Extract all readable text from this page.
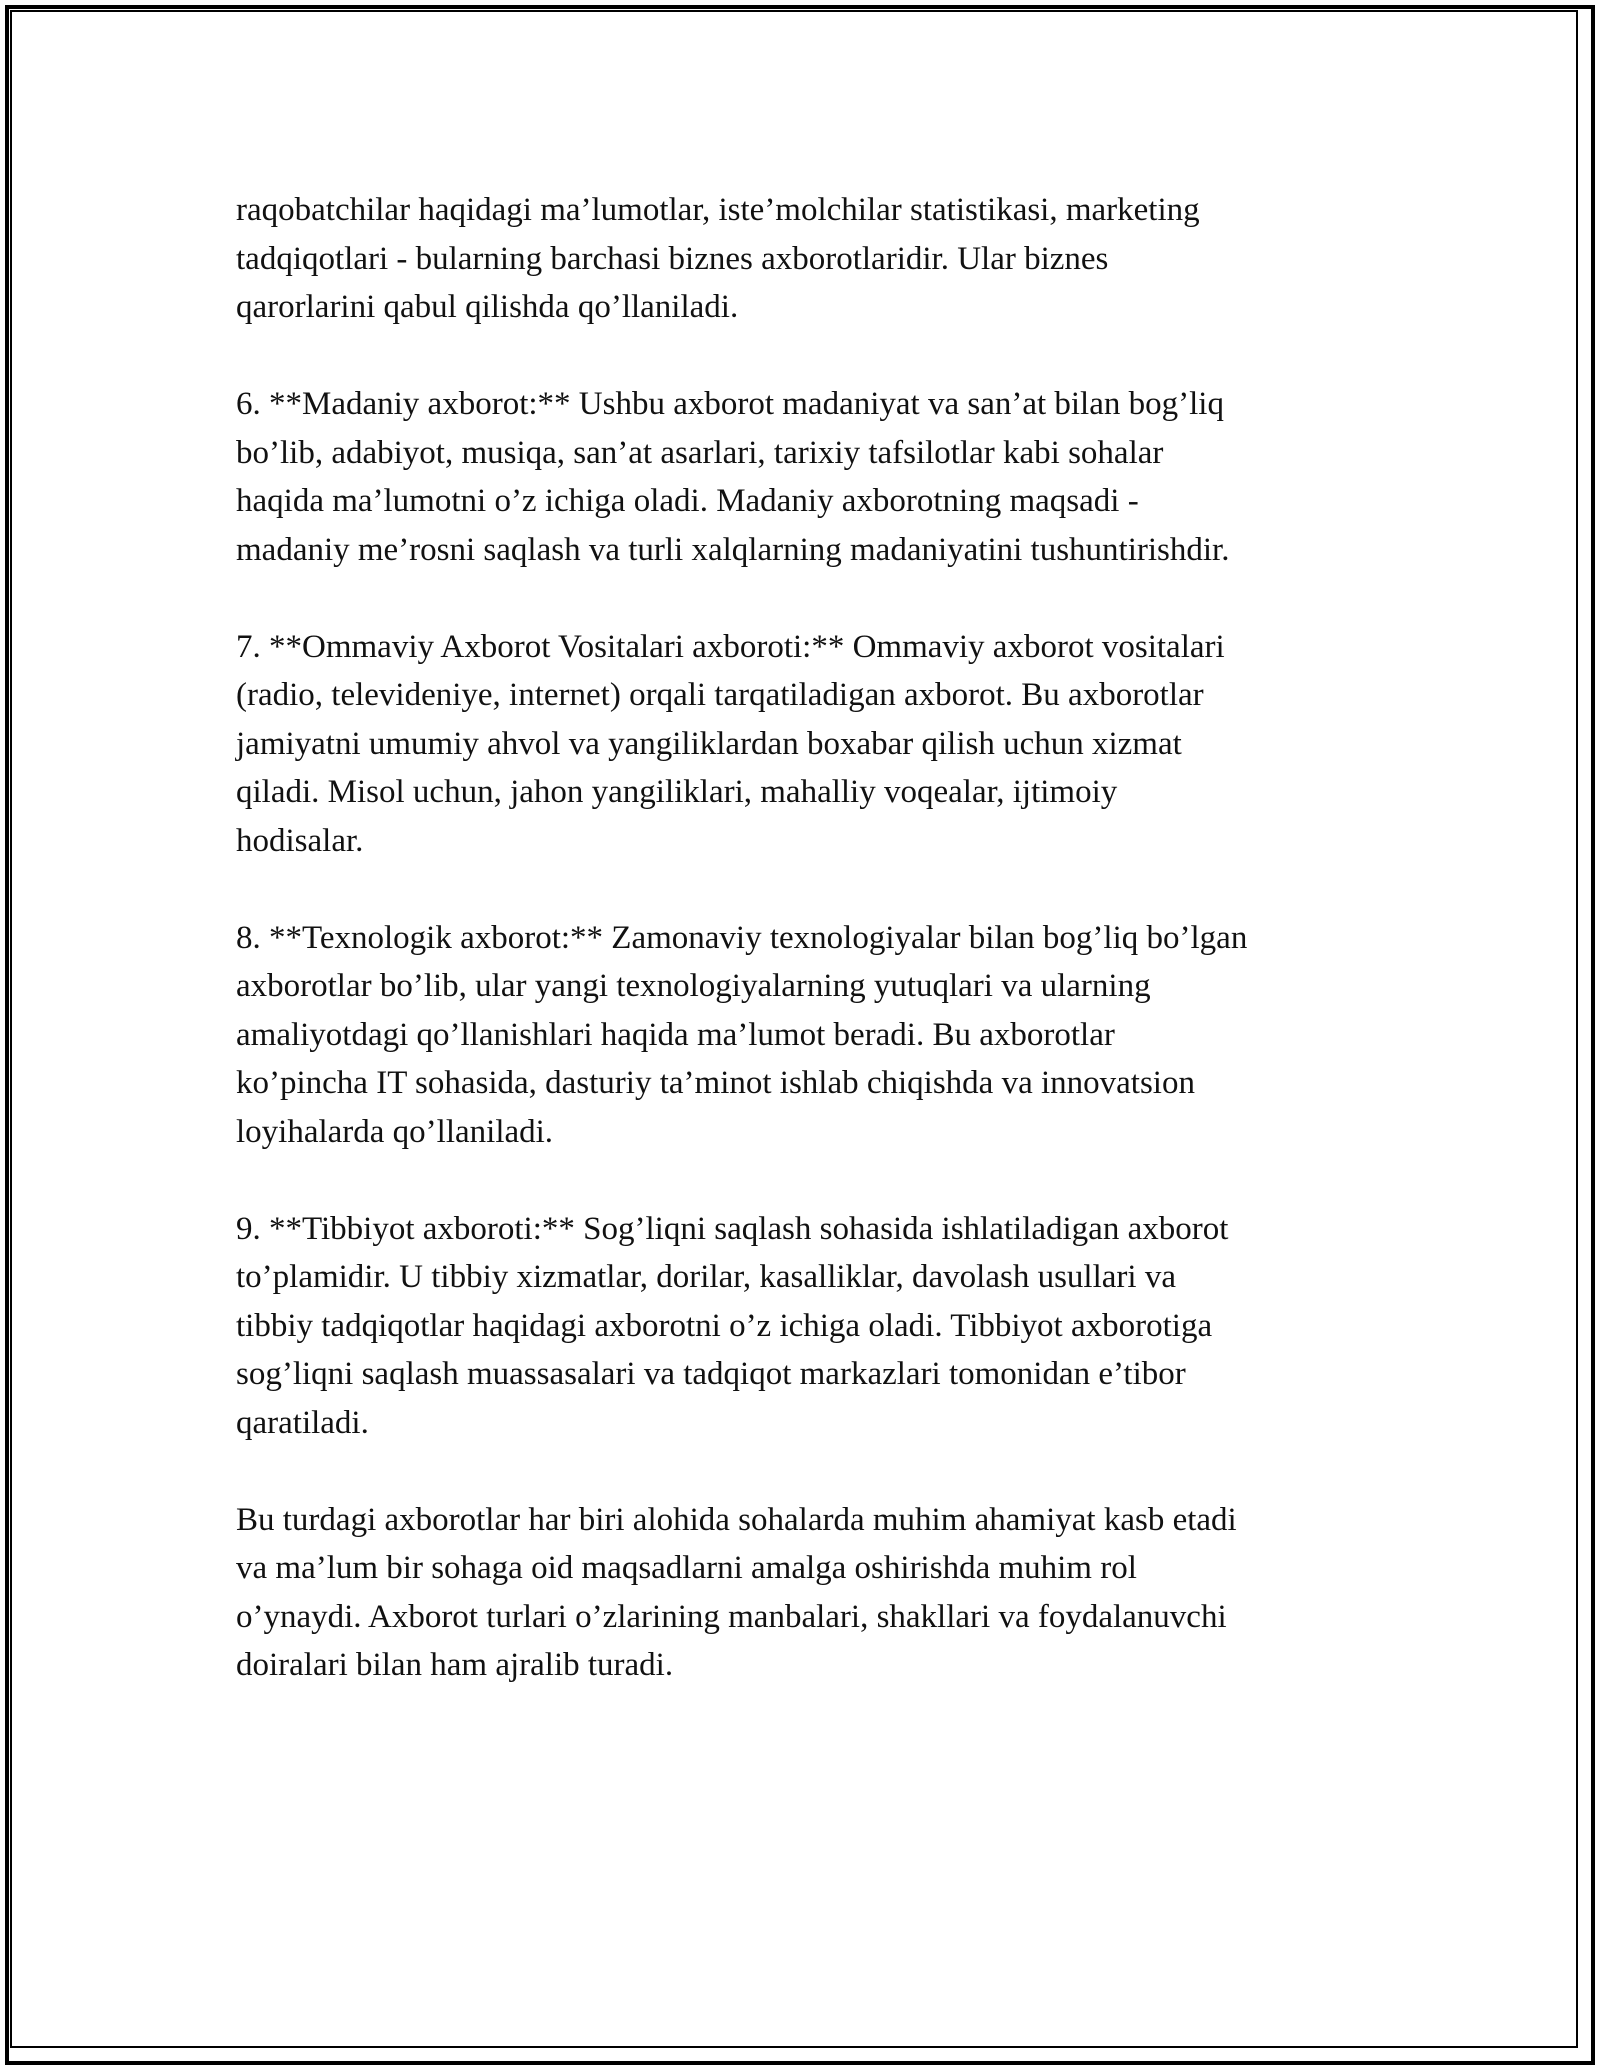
raqobatchilar haqidagi ma’lumotlar, iste’molchilar statistikasi, marketing
tadqiqotlari - bularning barchasi biznes axborotlaridir. Ular biznes
qarorlarini qabul qilishda qo’llaniladi.

6. **Madaniy axborot:** Ushbu axborot madaniyat va san’at bilan bog’liq
bo’lib, adabiyot, musiqa, san’at asarlari, tarixiy tafsilotlar kabi sohalar
haqida ma’lumotni o’z ichiga oladi. Madaniy axborotning maqsadi -
madaniy me’rosni saqlash va turli xalqlarning madaniyatini tushuntirishdir.

7. **Ommaviy Axborot Vositalari axboroti:** Ommaviy axborot vositalari
(radio, televideniye, internet) orqali tarqatiladigan axborot. Bu axborotlar
jamiyatni umumiy ahvol va yangiliklardan boxabar qilish uchun xizmat
qiladi. Misol uchun, jahon yangiliklari, mahalliy voqealar, ijtimoiy
hodisalar.

8. **Texnologik axborot:** Zamonaviy texnologiyalar bilan bog’liq bo’lgan
axborotlar bo’lib, ular yangi texnologiyalarning yutuqlari va ularning
amaliyotdagi qo’llanishlari haqida ma’lumot beradi. Bu axborotlar
ko’pincha IT sohasida, dasturiy ta’minot ishlab chiqishda va innovatsion
loyihalarda qo’llaniladi.

9. **Tibbiyot axboroti:** Sog’liqni saqlash sohasida ishlatiladigan axborot
to’plamidir. U tibbiy xizmatlar, dorilar, kasalliklar, davolash usullari va
tibbiy tadqiqotlar haqidagi axborotni o’z ichiga oladi. Tibbiyot axborotiga
sog’liqni saqlash muassasalari va tadqiqot markazlari tomonidan e’tibor
qaratiladi.

Bu turdagi axborotlar har biri alohida sohalarda muhim ahamiyat kasb etadi
va ma’lum bir sohaga oid maqsadlarni amalga oshirishda muhim rol
o’ynaydi. Axborot turlari o’zlarining manbalari, shakllari va foydalanuvchi
doiralari bilan ham ajralib turadi.
